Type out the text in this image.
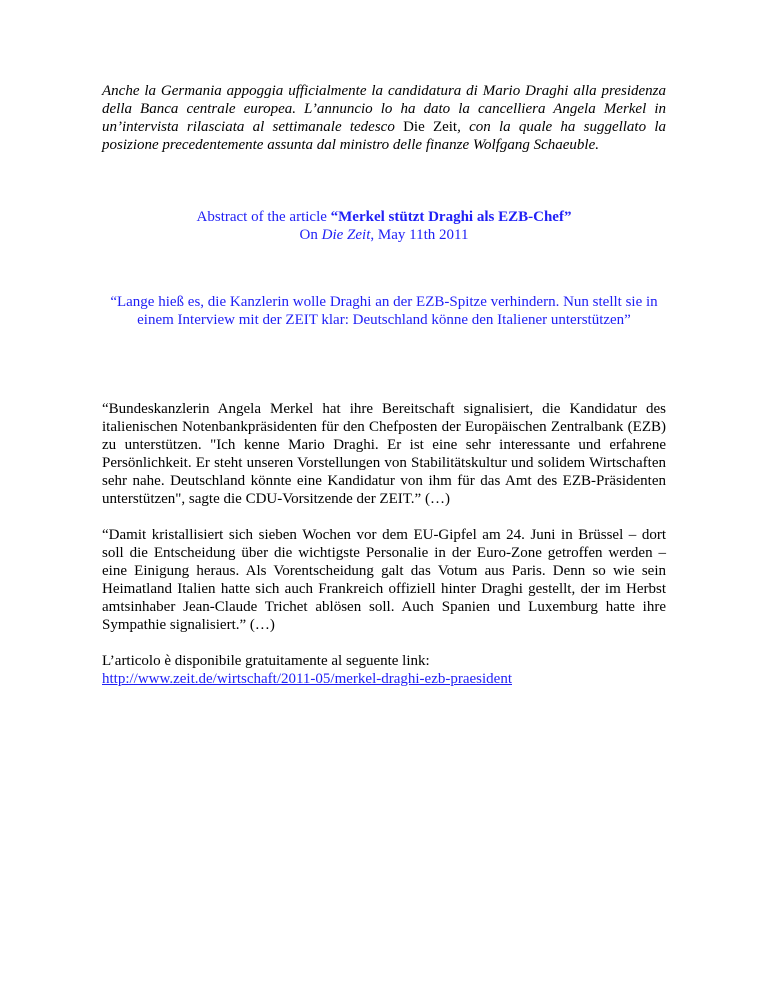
Anche la Germania appoggia ufficialmente la candidatura di Mario Draghi alla presidenza della Banca centrale europea. L’annuncio lo ha dato la cancelliera Angela Merkel in un’intervista rilasciata al settimanale tedesco Die Zeit, con la quale ha suggellato la posizione precedentemente assunta dal ministro delle finanze Wolfgang Schaeuble.

Abstract of the article “Merkel stützt Draghi als EZB-Chef”
On Die Zeit, May 11th 2011

“Lange hieß es, die Kanzlerin wolle Draghi an der EZB-Spitze verhindern. Nun stellt sie in einem Interview mit der ZEIT klar: Deutschland könne den Italiener unterstützen”

“Bundeskanzlerin Angela Merkel hat ihre Bereitschaft signalisiert, die Kandidatur des italienischen Notenbankpräsidenten für den Chefposten der Europäischen Zentralbank (EZB) zu unterstützen. "Ich kenne Mario Draghi. Er ist eine sehr interessante und erfahrene Persönlichkeit. Er steht unseren Vorstellungen von Stabilitätskultur und solidem Wirtschaften sehr nahe. Deutschland könnte eine Kandidatur von ihm für das Amt des EZB-Präsidenten unterstützen", sagte die CDU-Vorsitzende der ZEIT.” (…)

“Damit kristallisiert sich sieben Wochen vor dem EU-Gipfel am 24. Juni in Brüssel – dort soll die Entscheidung über die wichtigste Personalie in der Euro-Zone getroffen werden – eine Einigung heraus. Als Vorentscheidung galt das Votum aus Paris. Denn so wie sein Heimatland Italien hatte sich auch Frankreich offiziell hinter Draghi gestellt, der im Herbst amtsinhaber Jean-Claude Trichet ablösen soll. Auch Spanien und Luxemburg hatte ihre Sympathie signalisiert.” (…)

L’articolo è disponibile gratuitamente al seguente link:
http://www.zeit.de/wirtschaft/2011-05/merkel-draghi-ezb-praesident
